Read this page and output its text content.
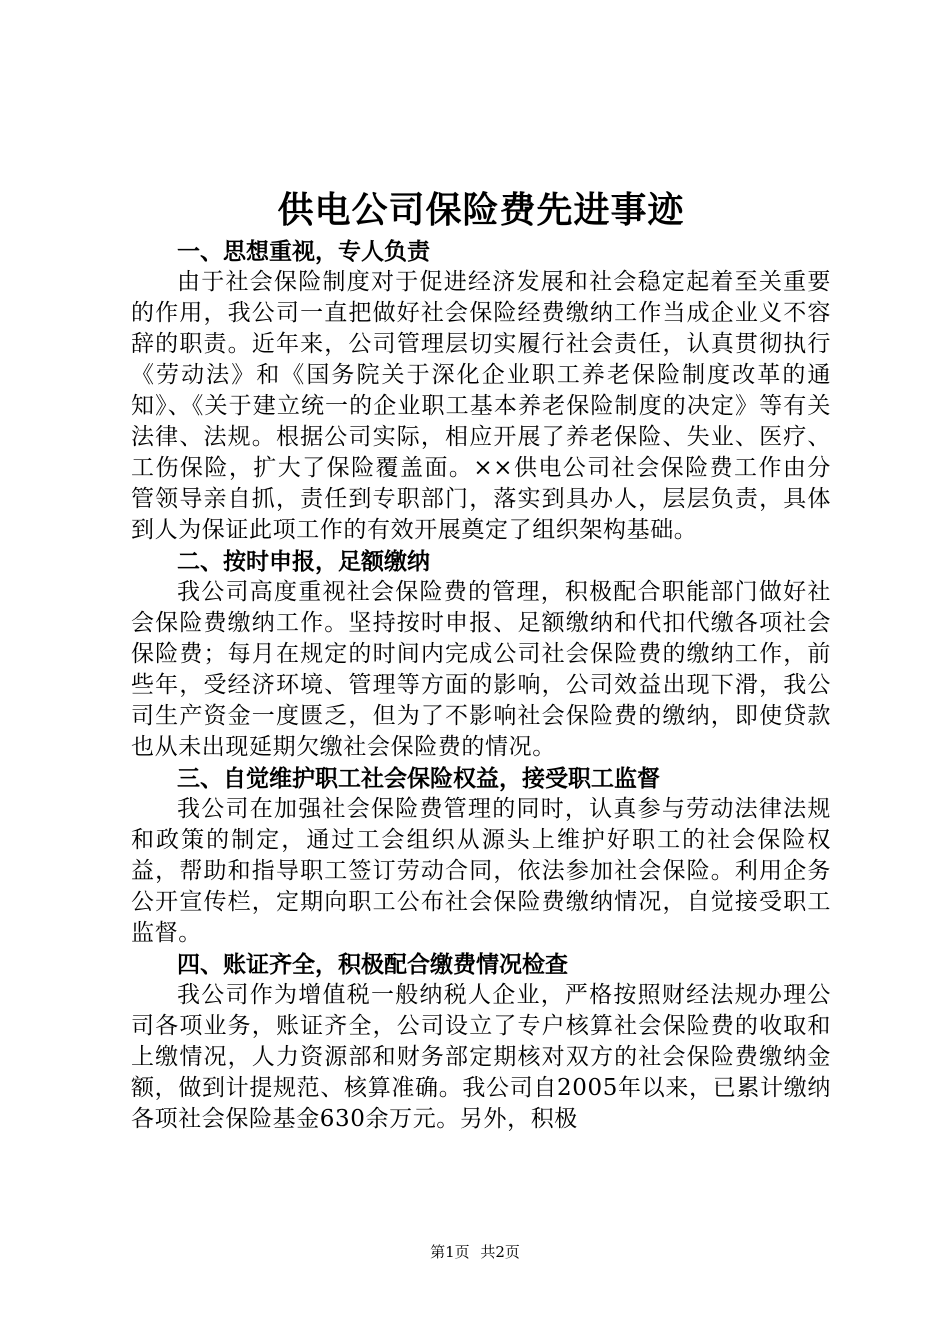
供电公司保险费先进事迹

一、思想重视，专人负责

由于社会保险制度对于促进经济发展和社会稳定起着至关重要的作用，我公司一直把做好社会保险经费缴纳工作当成企业义不容辞的职责。近年来，公司管理层切实履行社会责任，认真贯彻执行《劳动法》和《国务院关于深化企业职工养老保险制度改革的通知》、《关于建立统一的企业职工基本养老保险制度的决定》等有关法律、法规。根据公司实际，相应开展了养老保险、失业、医疗、工伤保险，扩大了保险覆盖面。××供电公司社会保险费工作由分管领导亲自抓，责任到专职部门，落实到具办人，层层负责，具体到人为保证此项工作的有效开展奠定了组织架构基础。

二、按时申报，足额缴纳

我公司高度重视社会保险费的管理，积极配合职能部门做好社会保险费缴纳工作。坚持按时申报、足额缴纳和代扣代缴各项社会保险费；每月在规定的时间内完成公司社会保险费的缴纳工作，前些年，受经济环境、管理等方面的影响，公司效益出现下滑，我公司生产资金一度匮乏，但为了不影响社会保险费的缴纳，即使贷款也从未出现延期欠缴社会保险费的情况。

三、自觉维护职工社会保险权益，接受职工监督

我公司在加强社会保险费管理的同时，认真参与劳动法律法规和政策的制定，通过工会组织从源头上维护好职工的社会保险权益，帮助和指导职工签订劳动合同，依法参加社会保险。利用企务公开宣传栏，定期向职工公布社会保险费缴纳情况，自觉接受职工监督。

四、账证齐全，积极配合缴费情况检查

我公司作为增值税一般纳税人企业，严格按照财经法规办理公司各项业务，账证齐全，公司设立了专户核算社会保险费的收取和上缴情况，人力资源部和财务部定期核对双方的社会保险费缴纳金额，做到计提规范、核算准确。我公司自2005年以来，已累计缴纳各项社会保险基金630余万元。另外，积极

第1页 共2页
